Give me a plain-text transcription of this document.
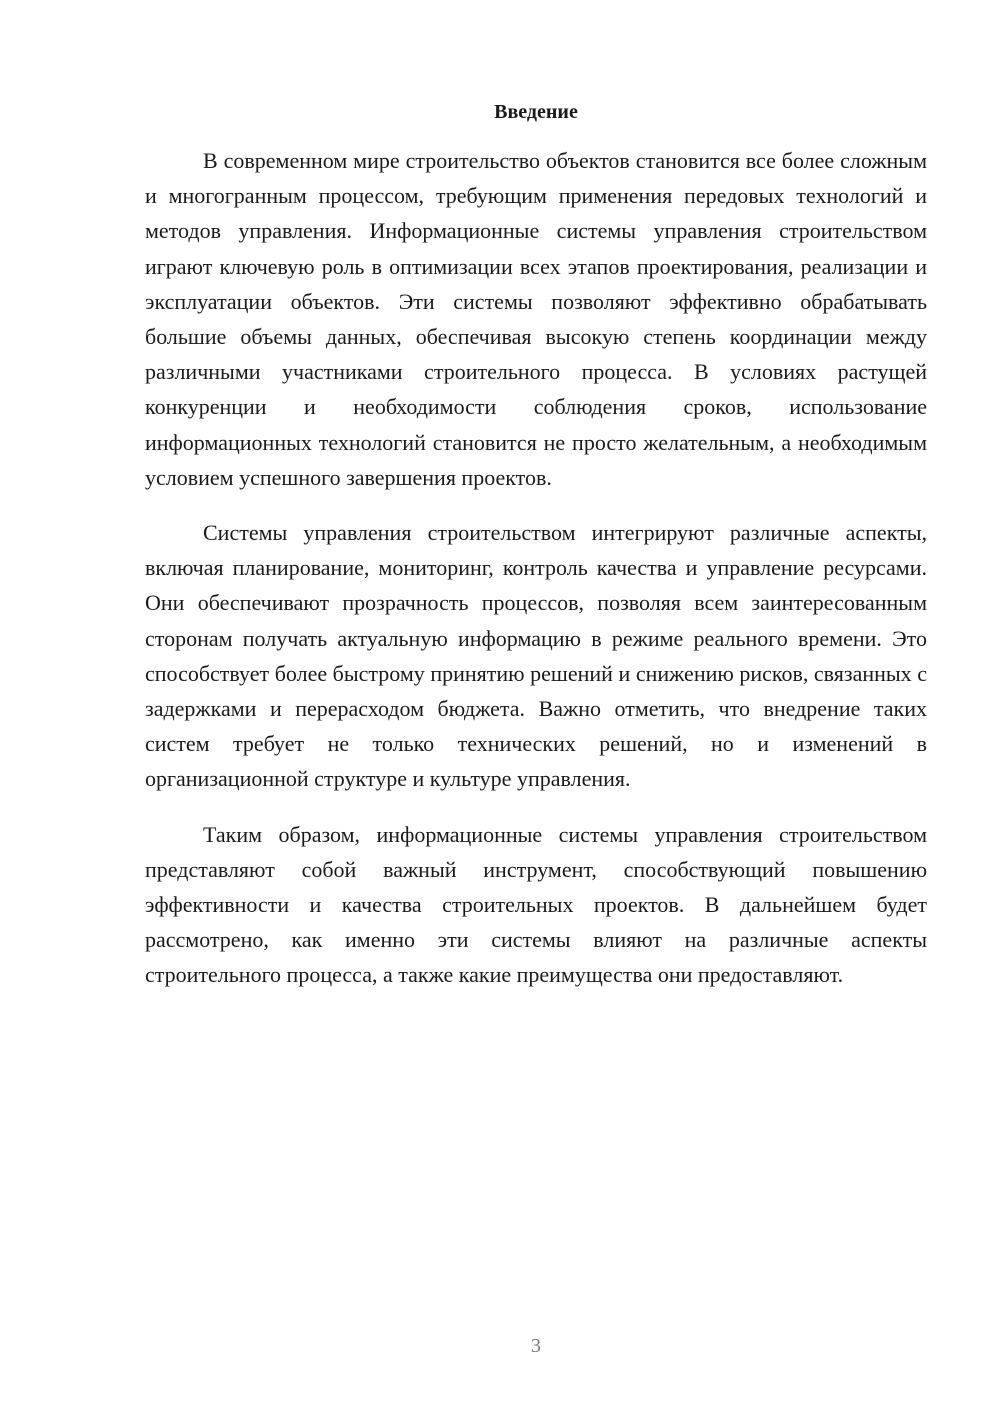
Введение

В современном мире строительство объектов становится все более сложным и многогранным процессом, требующим применения передовых технологий и методов управления. Информационные системы управления строительством играют ключевую роль в оптимизации всех этапов проектирования, реализации и эксплуатации объектов. Эти системы позволяют эффективно обрабатывать большие объемы данных, обеспечивая высокую степень координации между различными участниками строительного процесса. В условиях растущей конкуренции и необходимости соблюдения сроков, использование информационных технологий становится не просто желательным, а необходимым условием успешного завершения проектов.

Системы управления строительством интегрируют различные аспекты, включая планирование, мониторинг, контроль качества и управление ресурсами. Они обеспечивают прозрачность процессов, позволяя всем заинтересованным сторонам получать актуальную информацию в режиме реального времени. Это способствует более быстрому принятию решений и снижению рисков, связанных с задержками и перерасходом бюджета. Важно отметить, что внедрение таких систем требует не только технических решений, но и изменений в организационной структуре и культуре управления.

Таким образом, информационные системы управления строительством представляют собой важный инструмент, способствующий повышению эффективности и качества строительных проектов. В дальнейшем будет рассмотрено, как именно эти системы влияют на различные аспекты строительного процесса, а также какие преимущества они предоставляют.

3
